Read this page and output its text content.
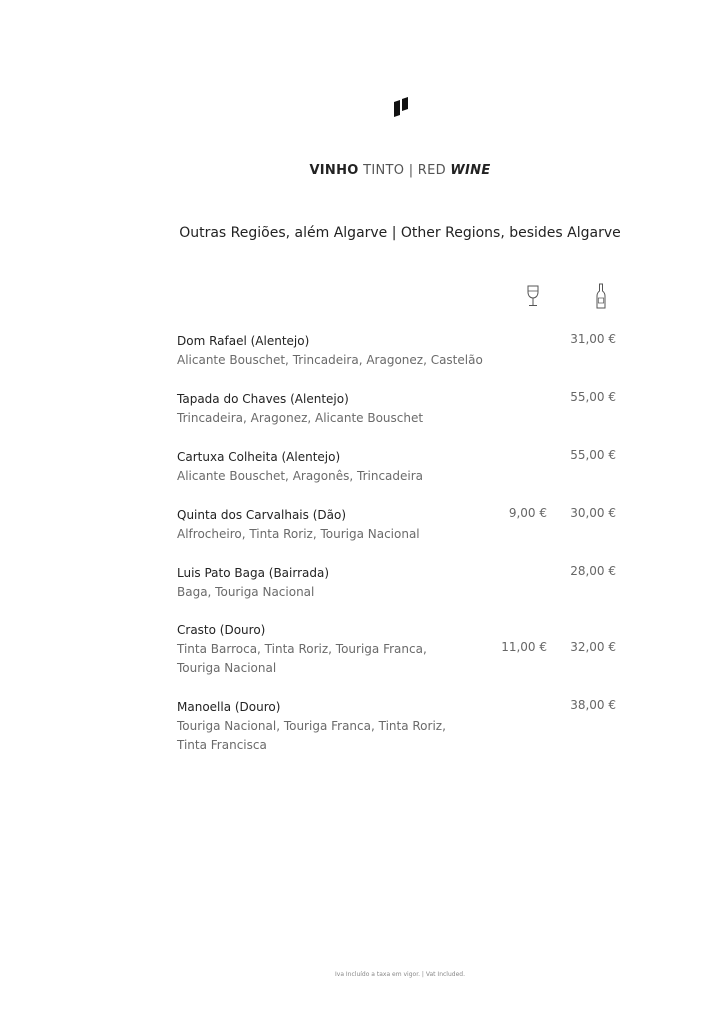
VINHO TINTO | RED WINE
Outras Regiões, além Algarve | Other Regions, besides Algarve
Dom Rafael (Alentejo)
Alicante Bouschet, Trincadeira, Aragonez, Castelão
31,00 €
Tapada do Chaves (Alentejo)
Trincadeira, Aragonez, Alicante Bouschet
55,00 €
Cartuxa Colheita (Alentejo)
Alicante Bouschet, Aragonês, Trincadeira
55,00 €
Quinta dos Carvalhais (Dão)
Alfrocheiro, Tinta Roriz, Touriga Nacional
9,00 € 30,00 €
Luis Pato Baga (Bairrada)
Baga, Touriga Nacional
28,00 €
Crasto (Douro)
Tinta Barroca, Tinta Roriz, Touriga Franca,
Touriga Nacional
11,00 € 32,00 €
Manoella (Douro)
Touriga Nacional, Touriga Franca, Tinta Roriz,
Tinta Francisca
38,00 €
Iva Incluído a taxa em vigor. | Vat Included.
